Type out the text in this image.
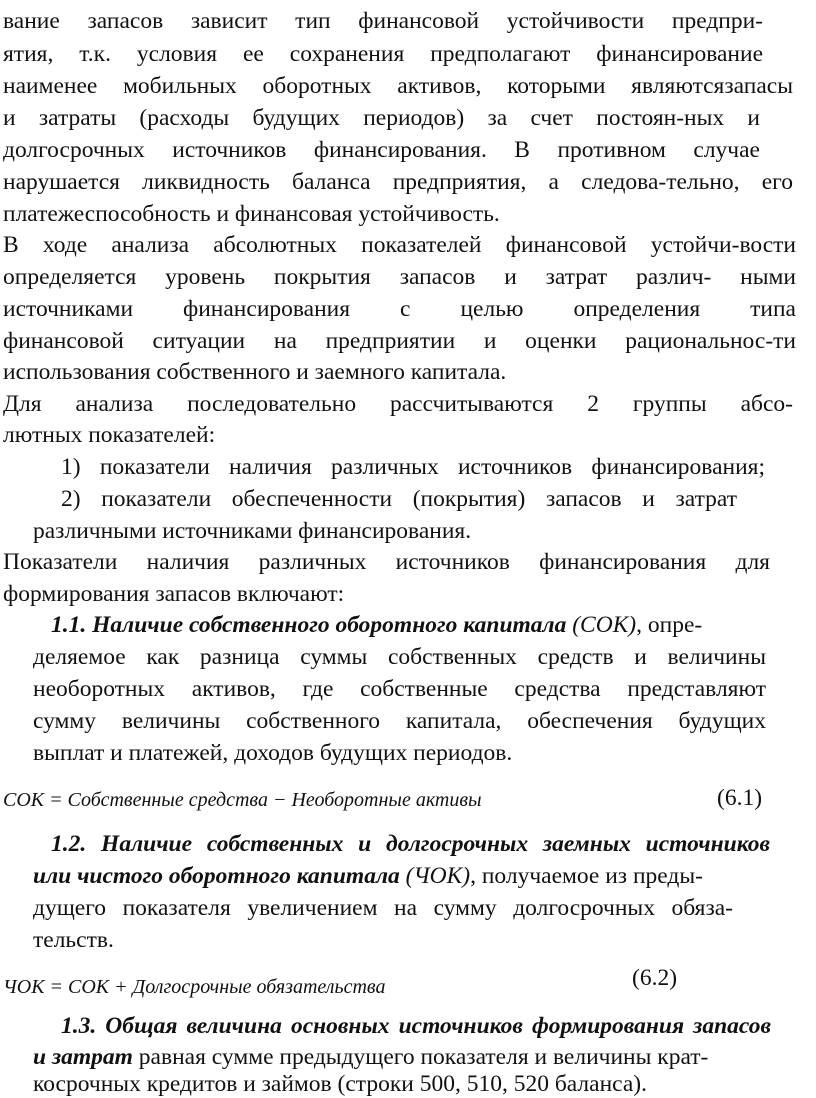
вание запасов зависит тип финансовой устойчивости предпри-
ятия, т.к. условия ее сохранения предполагают финансирование
наименее мобильных оборотных активов, которыми являютсязапасы
и затраты (расходы будущих периодов) за счет постоян-ных и
долгосрочных источников финансирования. В противном случае
нарушается ликвидность баланса предприятия, а следова-тельно, его
платежеспособность и финансовая устойчивость.
В ходе анализа абсолютных показателей финансовой устойчи-вости
определяется уровень покрытия запасов и затрат различ- ными
источниками финансирования с целью определения типа
финансовой ситуации на предприятии и оценки рациональнос-ти
использования собственного и заемного капитала.
Для анализа последовательно рассчитываются 2 группы абсо-
лютных показателей:
1) показатели наличия различных источников финансирования;
2) показатели обеспеченности (покрытия) запасов и затрат
различными источниками финансирования.
Показатели наличия различных источников финансирования для
формирования запасов включают:
1.1. Наличие собственного оборотного капитала (СОК), опре-
деляемое как разница суммы собственных средств и величины
необоротных активов, где собственные средства представляют
сумму величины собственного капитала, обеспечения будущих
выплат и платежей, доходов будущих периодов.
СОК = Собственные средства − Необоротные активы	(6.1)
1.2. Наличие собственных и долгосрочных заемных источников
или чистого оборотного капитала (ЧОК), получаемое из преды-
дущего показателя увеличением на сумму долгосрочных обяза-
тельств.
ЧОК = СОК + Долгосрочные обязательства	(6.2)
1.3. Общая величина основных источников формирования запасов
и затрат равная сумме предыдущего показателя и величины крат-
косрочных кредитов и займов (строки 500, 510, 520 баланса).
